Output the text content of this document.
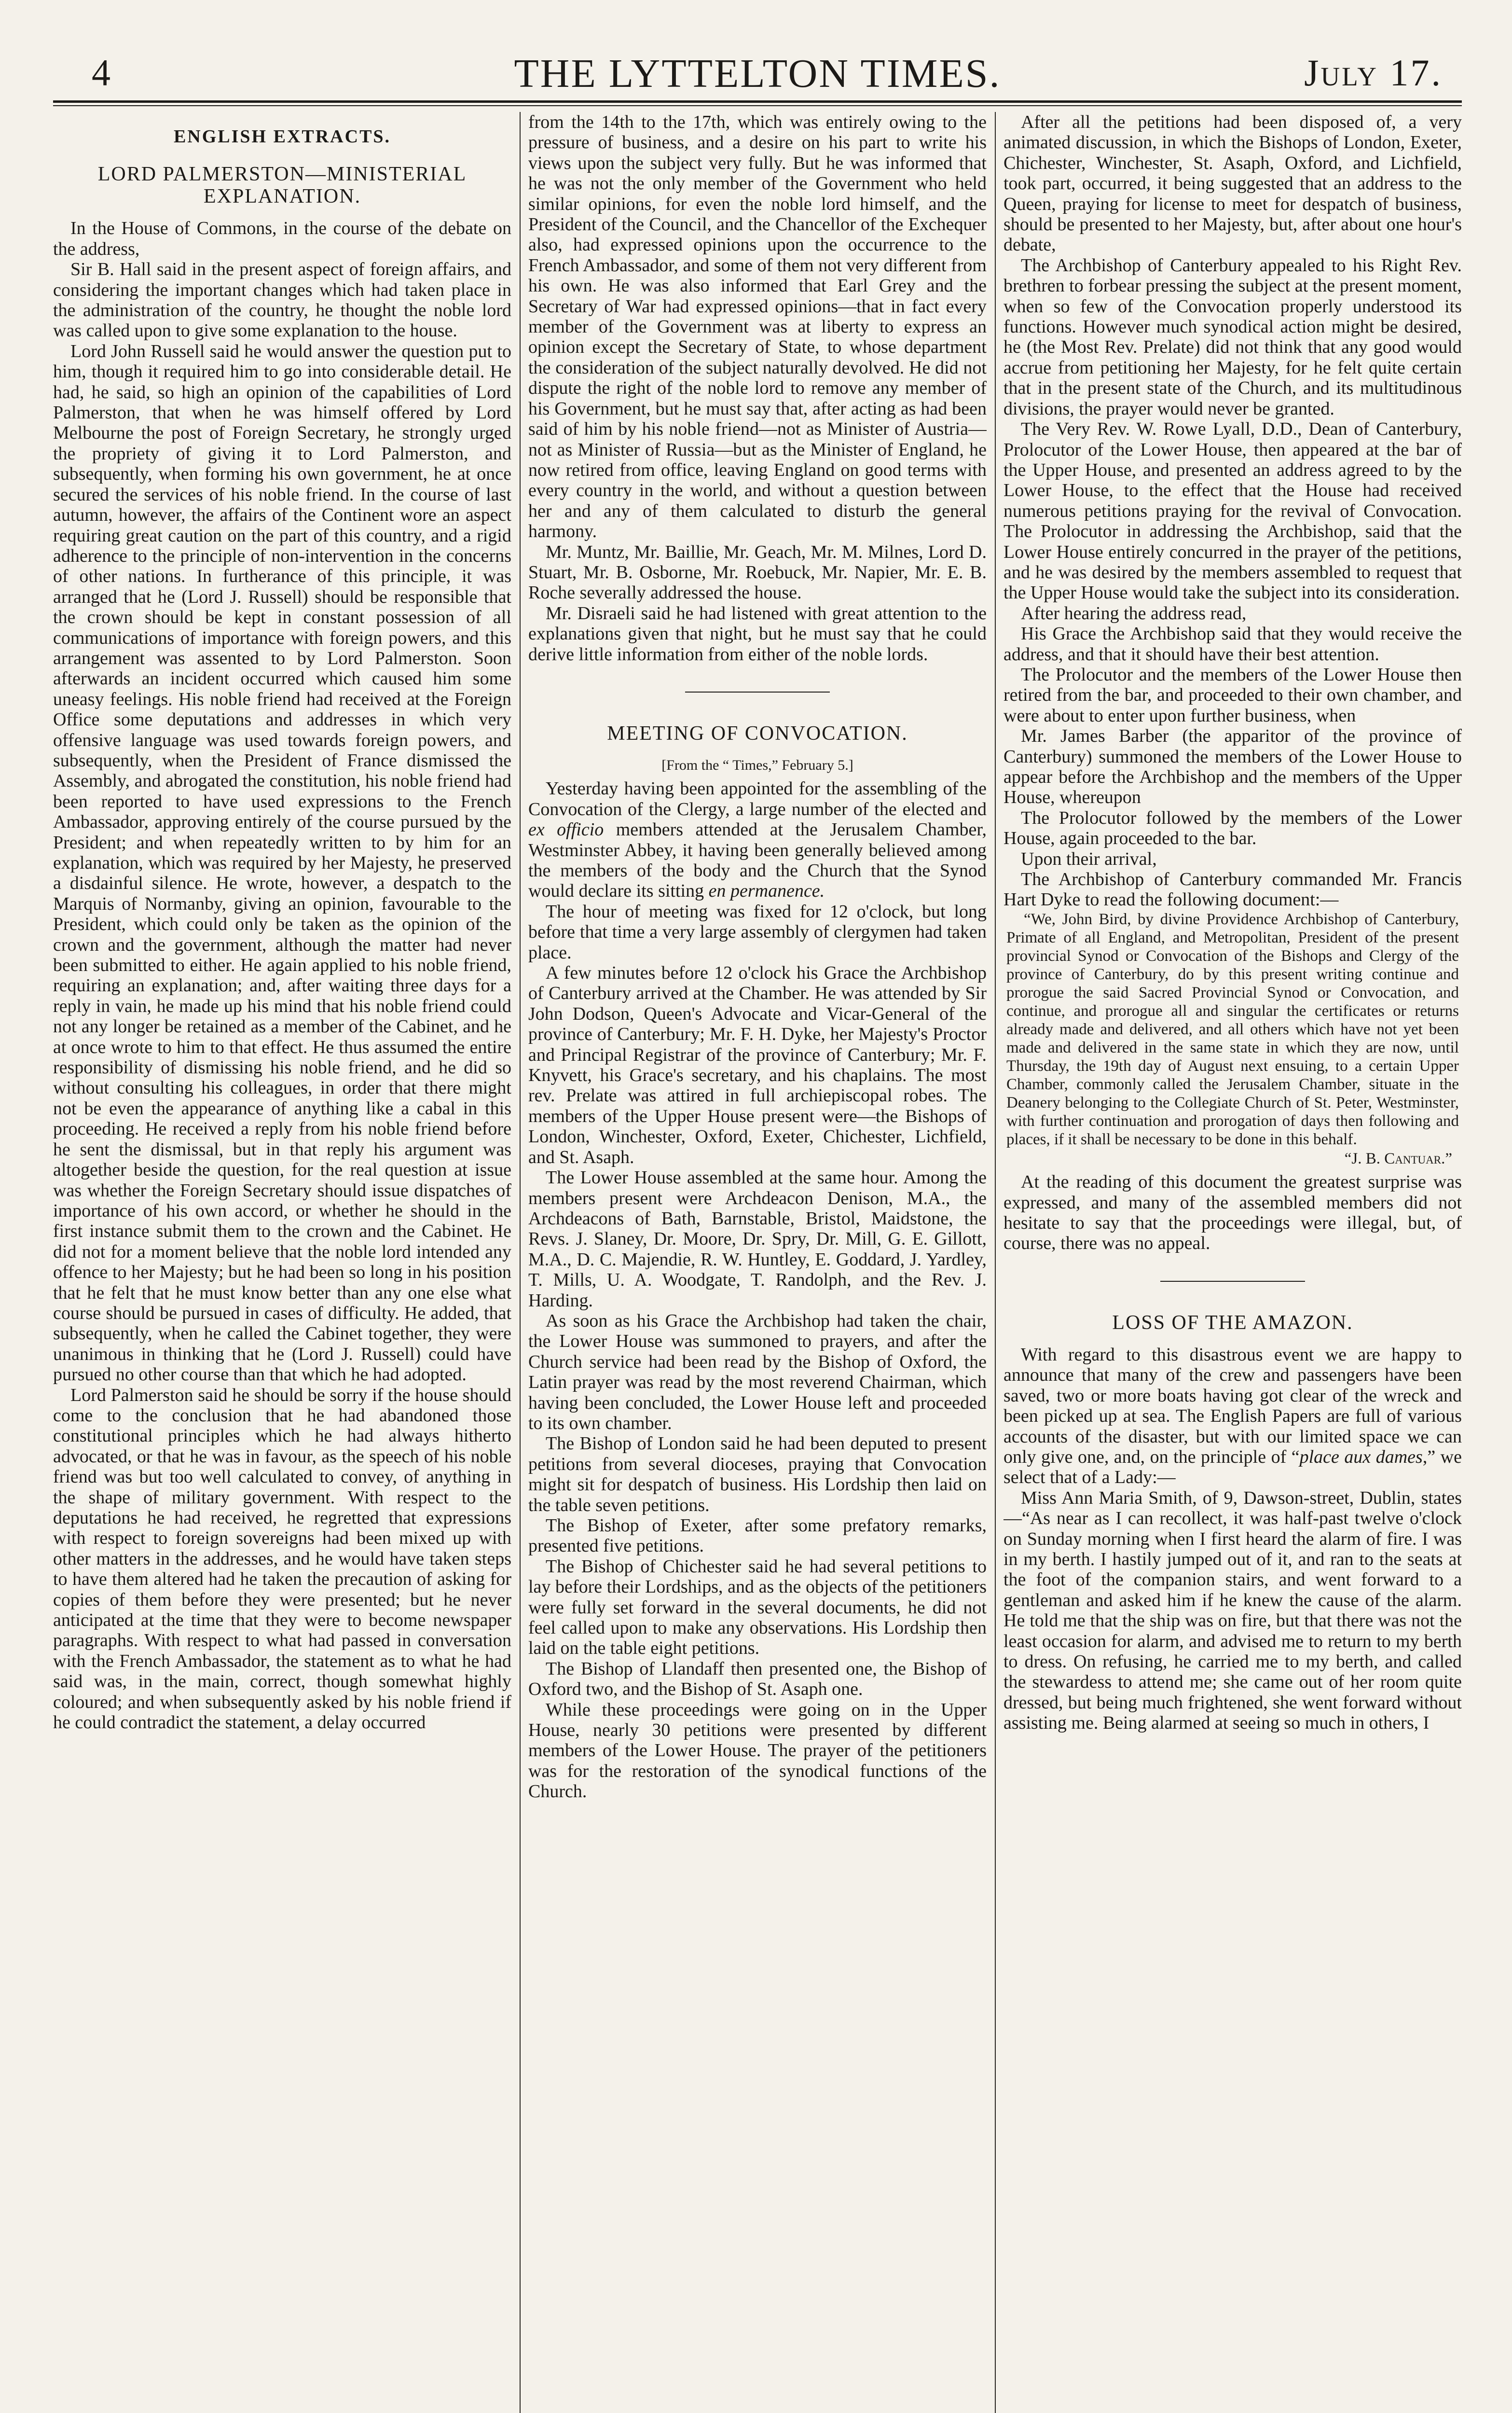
4	THE LYTTELTON TIMES.	July 17.
ENGLISH EXTRACTS.
LORD PALMERSTON—MINISTERIAL EXPLANATION.

In the House of Commons, in the course of the debate on the address,

Sir B. Hall said in the present aspect of foreign affairs, and considering the important changes which had taken place in the administration of the country, he thought the noble lord was called upon to give some explanation to the house.

Lord John Russell said he would answer the question put to him, though it required him to go into considerable detail. He had, he said, so high an opinion of the capabilities of Lord Palmerston, that when he was himself offered by Lord Melbourne the post of Foreign Secretary, he strongly urged the propriety of giving it to Lord Palmerston, and subsequently, when forming his own government, he at once secured the services of his noble friend. In the course of last autumn, however, the affairs of the Continent wore an aspect requiring great caution on the part of this country, and a rigid adherence to the principle of non-intervention in the concerns of other nations. In furtherance of this principle, it was arranged that he (Lord J. Russell) should be responsible that the crown should be kept in constant possession of all communications of importance with foreign powers, and this arrangement was assented to by Lord Palmerston. Soon afterwards an incident occurred which caused him some uneasy feelings. His noble friend had received at the Foreign Office some deputations and addresses in which very offensive language was used towards foreign powers, and subsequently, when the President of France dismissed the Assembly, and abrogated the constitution, his noble friend had been reported to have used expressions to the French Ambassador, approving entirely of the course pursued by the President; and when repeatedly written to by him for an explanation, which was required by her Majesty, he preserved a disdainful silence. He wrote, however, a despatch to the Marquis of Normanby, giving an opinion, favourable to the President, which could only be taken as the opinion of the crown and the government, although the matter had never been submitted to either. He again applied to his noble friend, requiring an explanation; and, after waiting three days for a reply in vain, he made up his mind that his noble friend could not any longer be retained as a member of the Cabinet, and he at once wrote to him to that effect. He thus assumed the entire responsibility of dismissing his noble friend, and he did so without consulting his colleagues, in order that there might not be even the appearance of anything like a cabal in this proceeding. He received a reply from his noble friend before he sent the dismissal, but in that reply his argument was altogether beside the question, for the real question at issue was whether the Foreign Secretary should issue dispatches of importance of his own accord, or whether he should in the first instance submit them to the crown and the Cabinet. He did not for a moment believe that the noble lord intended any offence to her Majesty; but he had been so long in his position that he felt that he must know better than any one else what course should be pursued in cases of difficulty. He added, that subsequently, when he called the Cabinet together, they were unanimous in thinking that he (Lord J. Russell) could have pursued no other course than that which he had adopted.

Lord Palmerston said he should be sorry if the house should come to the conclusion that he had abandoned those constitutional principles which he had always hitherto advocated, or that he was in favour, as the speech of his noble friend was but too well calculated to convey, of anything in the shape of military government. With respect to the deputations he had received, he regretted that expressions with respect to foreign sovereigns had been mixed up with other matters in the addresses, and he would have taken steps to have them altered had he taken the precaution of asking for copies of them before they were presented; but he never anticipated at the time that they were to become newspaper paragraphs. With respect to what had passed in conversation with the French Ambassador, the statement as to what he had said was, in the main, correct, though somewhat highly coloured; and when subsequently asked by his noble friend if he could contradict the statement, a delay occurred

from the 14th to the 17th, which was entirely owing to the pressure of business, and a desire on his part to write his views upon the subject very fully. But he was informed that he was not the only member of the Government who held similar opinions, for even the noble lord himself, and the President of the Council, and the Chancellor of the Exchequer also, had expressed opinions upon the occurrence to the French Ambassador, and some of them not very different from his own. He was also informed that Earl Grey and the Secretary of War had expressed opinions—that in fact every member of the Government was at liberty to express an opinion except the Secretary of State, to whose department the consideration of the subject naturally devolved. He did not dispute the right of the noble lord to remove any member of his Government, but he must say that, after acting as had been said of him by his noble friend—not as Minister of Austria—not as Minister of Russia—but as the Minister of England, he now retired from office, leaving England on good terms with every country in the world, and without a question between her and any of them calculated to disturb the general harmony.

Mr. Muntz, Mr. Baillie, Mr. Geach, Mr. M. Milnes, Lord D. Stuart, Mr. B. Osborne, Mr. Roebuck, Mr. Napier, Mr. E. B. Roche severally addressed the house.

Mr. Disraeli said he had listened with great attention to the explanations given that night, but he must say that he could derive little information from either of the noble lords.

MEETING OF CONVOCATION.
[From the “ Times,” February 5.]

Yesterday having been appointed for the assembling of the Convocation of the Clergy, a large number of the elected and ex officio members attended at the Jerusalem Chamber, Westminster Abbey, it having been generally believed among the members of the body and the Church that the Synod would declare its sitting en permanence.

The hour of meeting was fixed for 12 o'clock, but long before that time a very large assembly of clergymen had taken place.

A few minutes before 12 o'clock his Grace the Archbishop of Canterbury arrived at the Chamber. He was attended by Sir John Dodson, Queen's Advocate and Vicar-General of the province of Canterbury; Mr. F. H. Dyke, her Majesty's Proctor and Principal Registrar of the province of Canterbury; Mr. F. Knyvett, his Grace's secretary, and his chaplains. The most rev. Prelate was attired in full archiepiscopal robes. The members of the Upper House present were—the Bishops of London, Winchester, Oxford, Exeter, Chichester, Lichfield, and St. Asaph.

The Lower House assembled at the same hour. Among the members present were Archdeacon Denison, M.A., the Archdeacons of Bath, Barnstable, Bristol, Maidstone, the Revs. J. Slaney, Dr. Moore, Dr. Spry, Dr. Mill, G. E. Gillott, M.A., D. C. Majendie, R. W. Huntley, E. Goddard, J. Yardley, T. Mills, U. A. Woodgate, T. Randolph, and the Rev. J. Harding.

As soon as his Grace the Archbishop had taken the chair, the Lower House was summoned to prayers, and after the Church service had been read by the Bishop of Oxford, the Latin prayer was read by the most reverend Chairman, which having been concluded, the Lower House left and proceeded to its own chamber.

The Bishop of London said he had been deputed to present petitions from several dioceses, praying that Convocation might sit for despatch of business. His Lordship then laid on the table seven petitions.

The Bishop of Exeter, after some prefatory remarks, presented five petitions.

The Bishop of Chichester said he had several petitions to lay before their Lordships, and as the objects of the petitioners were fully set forward in the several documents, he did not feel called upon to make any observations. His Lordship then laid on the table eight petitions.

The Bishop of Llandaff then presented one, the Bishop of Oxford two, and the Bishop of St. Asaph one.

While these proceedings were going on in the Upper House, nearly 30 petitions were presented by different members of the Lower House. The prayer of the petitioners was for the restoration of the synodical functions of the Church.

After all the petitions had been disposed of, a very animated discussion, in which the Bishops of London, Exeter, Chichester, Winchester, St. Asaph, Oxford, and Lichfield, took part, occurred, it being suggested that an address to the Queen, praying for license to meet for despatch of business, should be presented to her Majesty, but, after about one hour's debate,

The Archbishop of Canterbury appealed to his Right Rev. brethren to forbear pressing the subject at the present moment, when so few of the Convocation properly understood its functions. However much synodical action might be desired, he (the Most Rev. Prelate) did not think that any good would accrue from petitioning her Majesty, for he felt quite certain that in the present state of the Church, and its multitudinous divisions, the prayer would never be granted.

The Very Rev. W. Rowe Lyall, D.D., Dean of Canterbury, Prolocutor of the Lower House, then appeared at the bar of the Upper House, and presented an address agreed to by the Lower House, to the effect that the House had received numerous petitions praying for the revival of Convocation. The Prolocutor in addressing the Archbishop, said that the Lower House entirely concurred in the prayer of the petitions, and he was desired by the members assembled to request that the Upper House would take the subject into its consideration.

After hearing the address read,

His Grace the Archbishop said that they would receive the address, and that it should have their best attention.

The Prolocutor and the members of the Lower House then retired from the bar, and proceeded to their own chamber, and were about to enter upon further business, when

Mr. James Barber (the apparitor of the province of Canterbury) summoned the members of the Lower House to appear before the Archbishop and the members of the Upper House, whereupon

The Prolocutor followed by the members of the Lower House, again proceeded to the bar.

Upon their arrival,

The Archbishop of Canterbury commanded Mr. Francis Hart Dyke to read the following document:—

“We, John Bird, by divine Providence Archbishop of Canterbury, Primate of all England, and Metropolitan, President of the present provincial Synod or Convocation of the Bishops and Clergy of the province of Canterbury, do by this present writing continue and prorogue the said Sacred Provincial Synod or Convocation, and continue, and prorogue all and singular the certificates or returns already made and delivered, and all others which have not yet been made and delivered in the same state in which they are now, until Thursday, the 19th day of August next ensuing, to a certain Upper Chamber, commonly called the Jerusalem Chamber, situate in the Deanery belonging to the Collegiate Church of St. Peter, Westminster, with further continuation and prorogation of days then following and places, if it shall be necessary to be done in this behalf.

“J. B. Cantuar.”

At the reading of this document the greatest surprise was expressed, and many of the assembled members did not hesitate to say that the proceedings were illegal, but, of course, there was no appeal.

LOSS OF THE AMAZON.

With regard to this disastrous event we are happy to announce that many of the crew and passengers have been saved, two or more boats having got clear of the wreck and been picked up at sea. The English Papers are full of various accounts of the disaster, but with our limited space we can only give one, and, on the principle of “place aux dames,” we select that of a Lady:—

Miss Ann Maria Smith, of 9, Dawson-street, Dublin, states—“As near as I can recollect, it was half-past twelve o'clock on Sunday morning when I first heard the alarm of fire. I was in my berth. I hastily jumped out of it, and ran to the seats at the foot of the companion stairs, and went forward to a gentleman and asked him if he knew the cause of the alarm. He told me that the ship was on fire, but that there was not the least occasion for alarm, and advised me to return to my berth to dress. On refusing, he carried me to my berth, and called the stewardess to attend me; she came out of her room quite dressed, but being much frightened, she went forward without assisting me. Being alarmed at seeing so much in others, I
